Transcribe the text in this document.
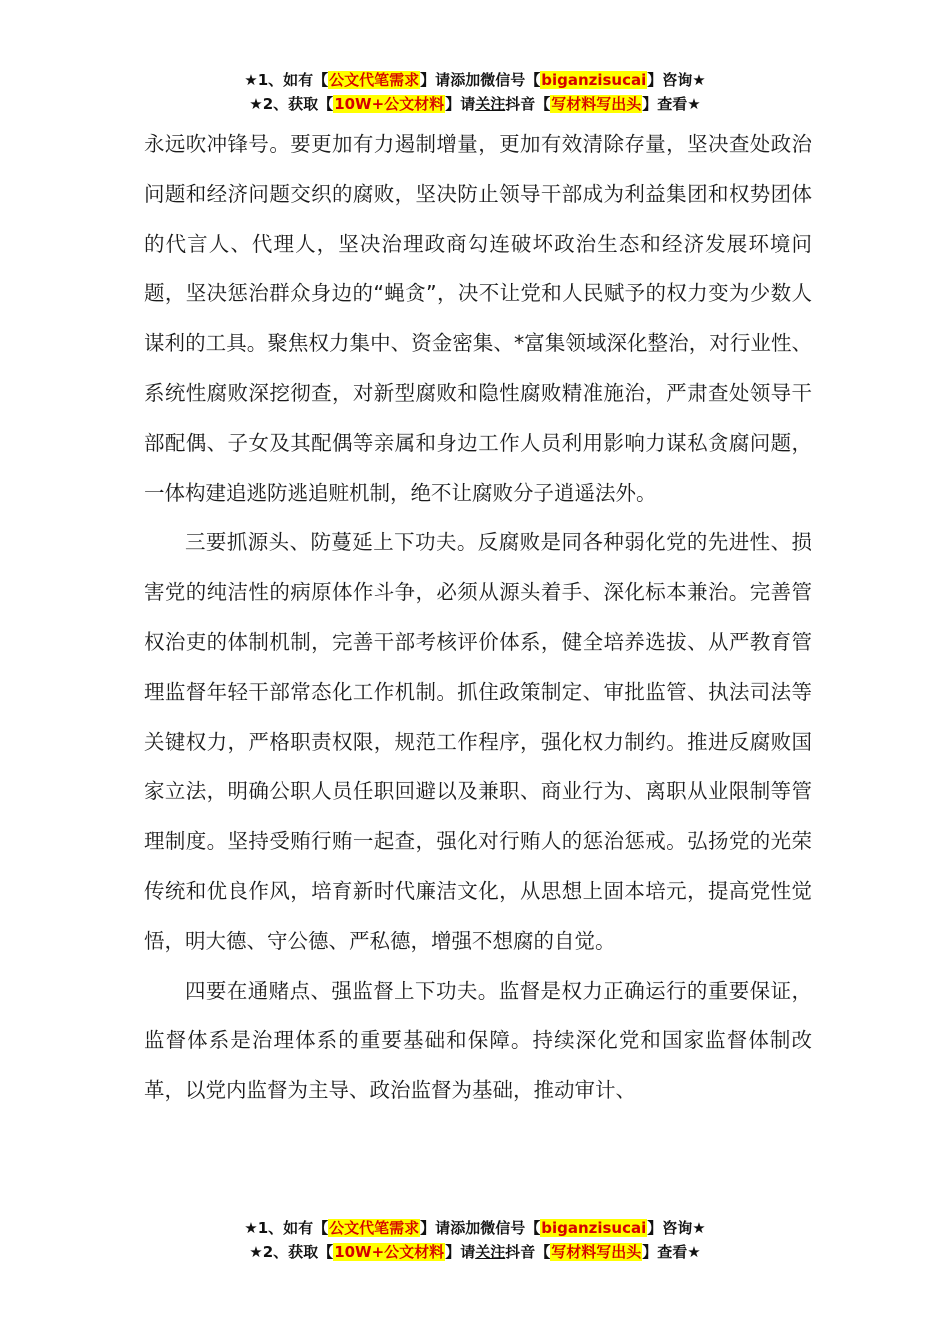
★1、如有【公文代笔需求】请添加微信号【biganzisucai】咨询★
★2、获取【10W+公文材料】请关注抖音【写材料写出头】查看★

永远吹冲锋号。要更加有力遏制增量，更加有效清除存量，坚决查处政治问题和经济问题交织的腐败，坚决防止领导干部成为利益集团和权势团体的代言人、代理人，坚决治理政商勾连破坏政治生态和经济发展环境问题，坚决惩治群众身边的“蝇贪”，决不让党和人民赋予的权力变为少数人谋利的工具。聚焦权力集中、资金密集、*富集领域深化整治，对行业性、系统性腐败深挖彻查，对新型腐败和隐性腐败精准施治，严肃查处领导干部配偶、子女及其配偶等亲属和身边工作人员利用影响力谋私贪腐问题，一体构建追逃防逃追赃机制，绝不让腐败分子逍遥法外。

三要抓源头、防蔓延上下功夫。反腐败是同各种弱化党的先进性、损害党的纯洁性的病原体作斗争，必须从源头着手、深化标本兼治。完善管权治吏的体制机制，完善干部考核评价体系，健全培养选拔、从严教育管理监督年轻干部常态化工作机制。抓住政策制定、审批监管、执法司法等关键权力，严格职责权限，规范工作程序，强化权力制约。推进反腐败国家立法，明确公职人员任职回避以及兼职、商业行为、离职从业限制等管理制度。坚持受贿行贿一起查，强化对行贿人的惩治惩戒。弘扬党的光荣传统和优良作风，培育新时代廉洁文化，从思想上固本培元，提高党性觉悟，明大德、守公德、严私德，增强不想腐的自觉。

四要在通赌点、强监督上下功夫。监督是权力正确运行的重要保证，监督体系是治理体系的重要基础和保障。持续深化党和国家监督体制改革，以党内监督为主导、政治监督为基础，推动审计、

★1、如有【公文代笔需求】请添加微信号【biganzisucai】咨询★
★2、获取【10W+公文材料】请关注抖音【写材料写出头】查看★
